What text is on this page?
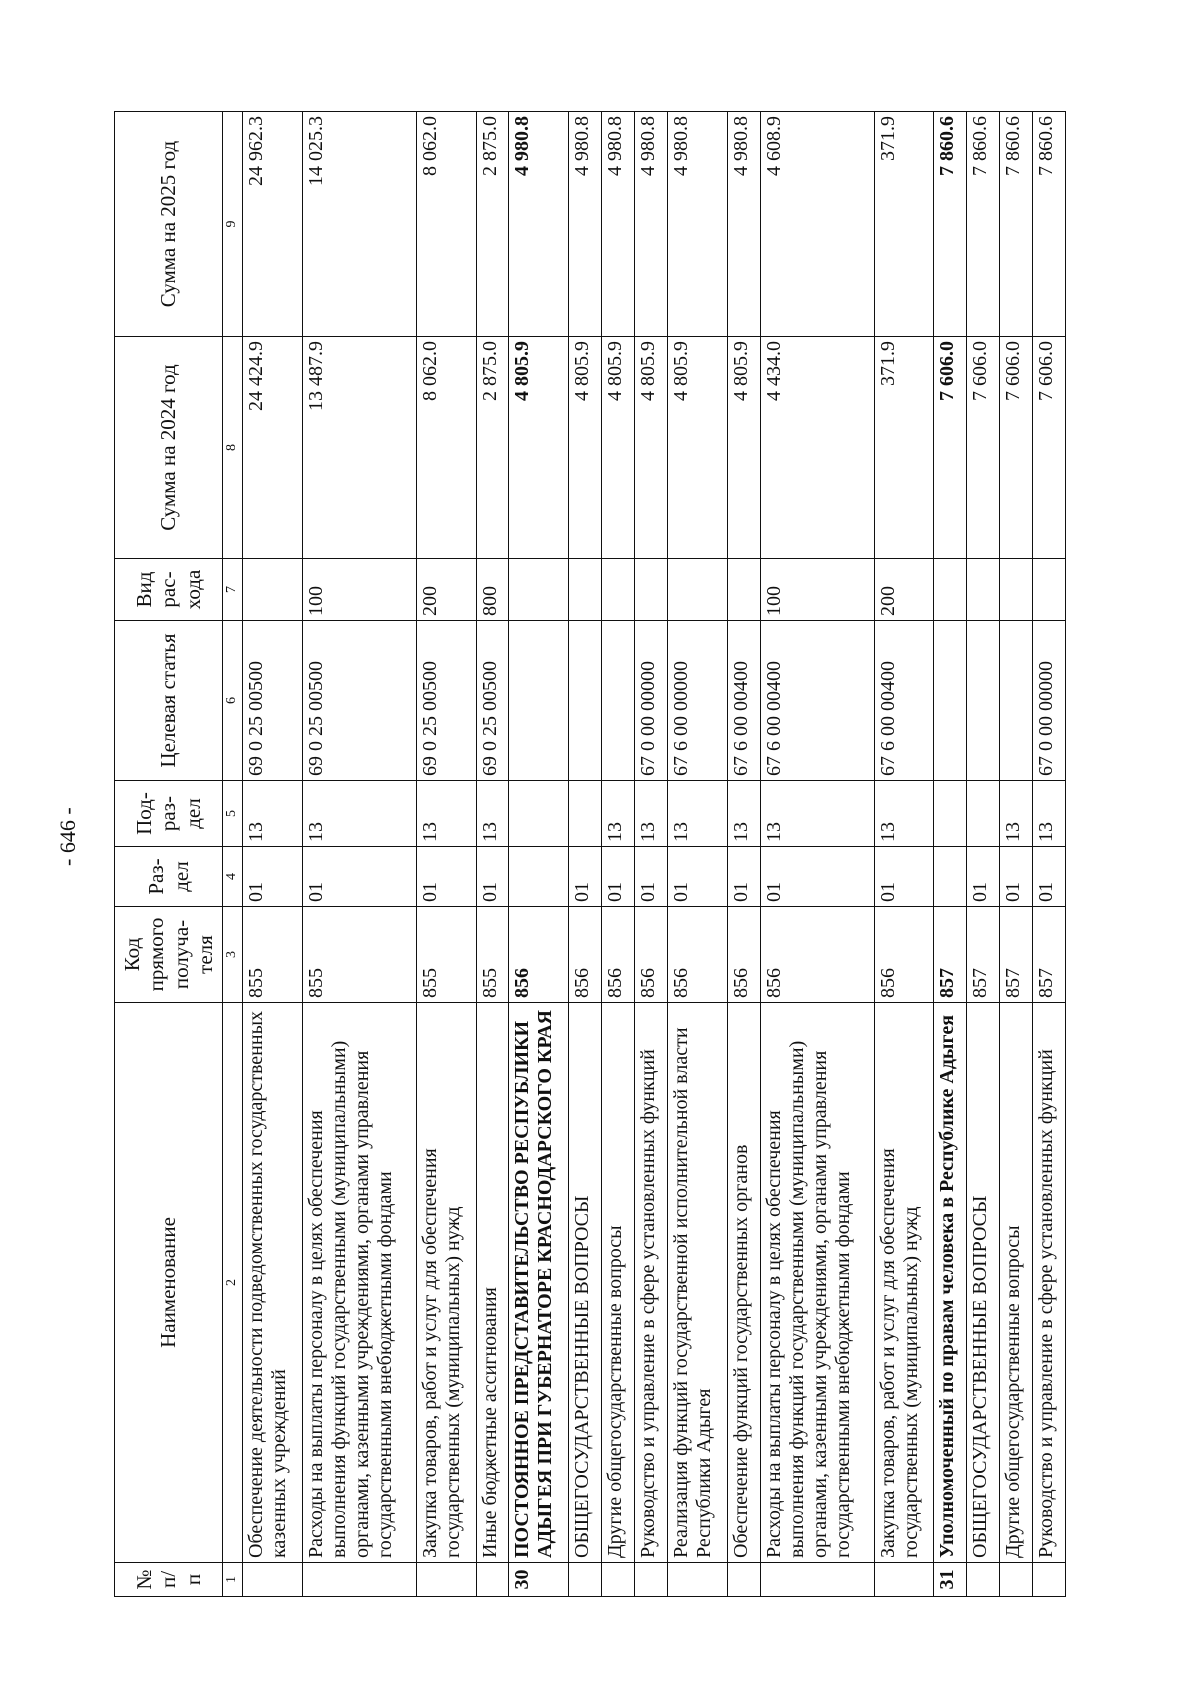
- 646 -
№ п/п	Наименование	Код прямого получа-теля	Раз-дел	Под-раз-дел	Целевая статья	Вид рас-хода	Сумма на 2024 год	Сумма на 2025 год
1	2	3	4	5	6	7	8	9
	Обеспечение деятельности подведомственных государственных казенных учреждений	855	01	13	69 0 25 00500		24 424.9	24 962.3
	Расходы на выплаты персоналу в целях обеспечения выполнения функций государственными (муниципальными) органами, казенными учреждениями, органами управления государственными внебюджетными фондами	855	01	13	69 0 25 00500	100	13 487.9	14 025.3
	Закупка товаров, работ и услуг для обеспечения государственных (муниципальных) нужд	855	01	13	69 0 25 00500	200	8 062.0	8 062.0
	Иные бюджетные ассигнования	855	01	13	69 0 25 00500	800	2 875.0	2 875.0
30	ПОСТОЯННОЕ ПРЕДСТАВИТЕЛЬСТВО РЕСПУБЛИКИ АДЫГЕЯ ПРИ ГУБЕРНАТОРЕ КРАСНОДАРСКОГО КРАЯ	856					4 805.9	4 980.8
	ОБЩЕГОСУДАРСТВЕННЫЕ ВОПРОСЫ	856	01				4 805.9	4 980.8
	Другие общегосударственные вопросы	856	01	13			4 805.9	4 980.8
	Руководство и управление в сфере установленных функций	856	01	13	67 0 00 00000		4 805.9	4 980.8
	Реализация функций государственной исполнительной власти Республики Адыгея	856	01	13	67 6 00 00000		4 805.9	4 980.8
	Обеспечение функций государственных органов	856	01	13	67 6 00 00400		4 805.9	4 980.8
	Расходы на выплаты персоналу в целях обеспечения выполнения функций государственными (муниципальными) органами, казенными учреждениями, органами управления государственными внебюджетными фондами	856	01	13	67 6 00 00400	100	4 434.0	4 608.9
	Закупка товаров, работ и услуг для обеспечения государственных (муниципальных) нужд	856	01	13	67 6 00 00400	200	371.9	371.9
31	Уполномоченный по правам человека в Республике Адыгея	857					7 606.0	7 860.6
	ОБЩЕГОСУДАРСТВЕННЫЕ ВОПРОСЫ	857	01				7 606.0	7 860.6
	Другие общегосударственные вопросы	857	01	13			7 606.0	7 860.6
	Руководство и управление в сфере установленных функций	857	01	13	67 0 00 00000		7 606.0	7 860.6
